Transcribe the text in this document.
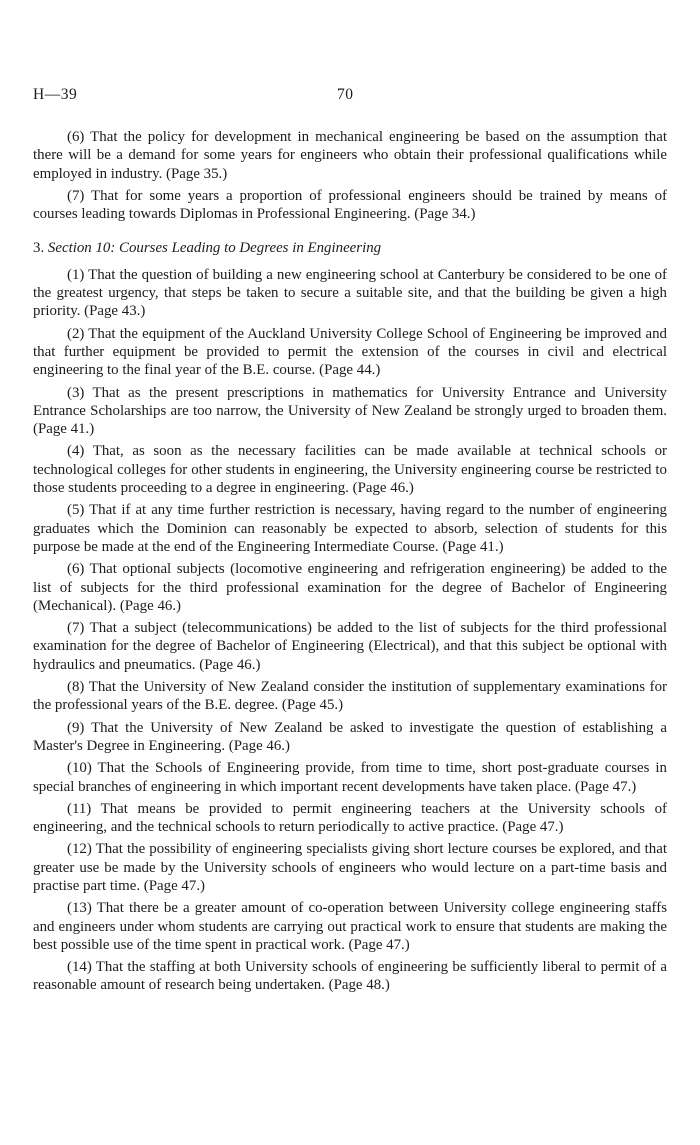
H—39	70

(6) That the policy for development in mechanical engineering be based on the assumption that there will be a demand for some years for engineers who obtain their professional qualifications while employed in industry. (Page 35.)

(7) That for some years a proportion of professional engineers should be trained by means of courses leading towards Diplomas in Professional Engineering. (Page 34.)

3. Section 10: Courses Leading to Degrees in Engineering

(1) That the question of building a new engineering school at Canterbury be considered to be one of the greatest urgency, that steps be taken to secure a suitable site, and that the building be given a high priority. (Page 43.)

(2) That the equipment of the Auckland University College School of Engineering be improved and that further equipment be provided to permit the extension of the courses in civil and electrical engineering to the final year of the B.E. course. (Page 44.)

(3) That as the present prescriptions in mathematics for University Entrance and University Entrance Scholarships are too narrow, the University of New Zealand be strongly urged to broaden them. (Page 41.)

(4) That, as soon as the necessary facilities can be made available at technical schools or technological colleges for other students in engineering, the University engineering course be restricted to those students proceeding to a degree in engineering. (Page 46.)

(5) That if at any time further restriction is necessary, having regard to the number of engineering graduates which the Dominion can reasonably be expected to absorb, selection of students for this purpose be made at the end of the Engineering Intermediate Course. (Page 41.)

(6) That optional subjects (locomotive engineering and refrigeration engineering) be added to the list of subjects for the third professional examination for the degree of Bachelor of Engineering (Mechanical). (Page 46.)

(7) That a subject (telecommunications) be added to the list of subjects for the third professional examination for the degree of Bachelor of Engineering (Electrical), and that this subject be optional with hydraulics and pneumatics. (Page 46.)

(8) That the University of New Zealand consider the institution of supplementary examinations for the professional years of the B.E. degree. (Page 45.)

(9) That the University of New Zealand be asked to investigate the question of establishing a Master's Degree in Engineering. (Page 46.)

(10) That the Schools of Engineering provide, from time to time, short post-graduate courses in special branches of engineering in which important recent developments have taken place. (Page 47.)

(11) That means be provided to permit engineering teachers at the University schools of engineering, and the technical schools to return periodically to active practice. (Page 47.)

(12) That the possibility of engineering specialists giving short lecture courses be explored, and that greater use be made by the University schools of engineers who would lecture on a part-time basis and practise part time. (Page 47.)

(13) That there be a greater amount of co-operation between University college engineering staffs and engineers under whom students are carrying out practical work to ensure that students are making the best possible use of the time spent in practical work. (Page 47.)

(14) That the staffing at both University schools of engineering be sufficiently liberal to permit of a reasonable amount of research being undertaken. (Page 48.)
